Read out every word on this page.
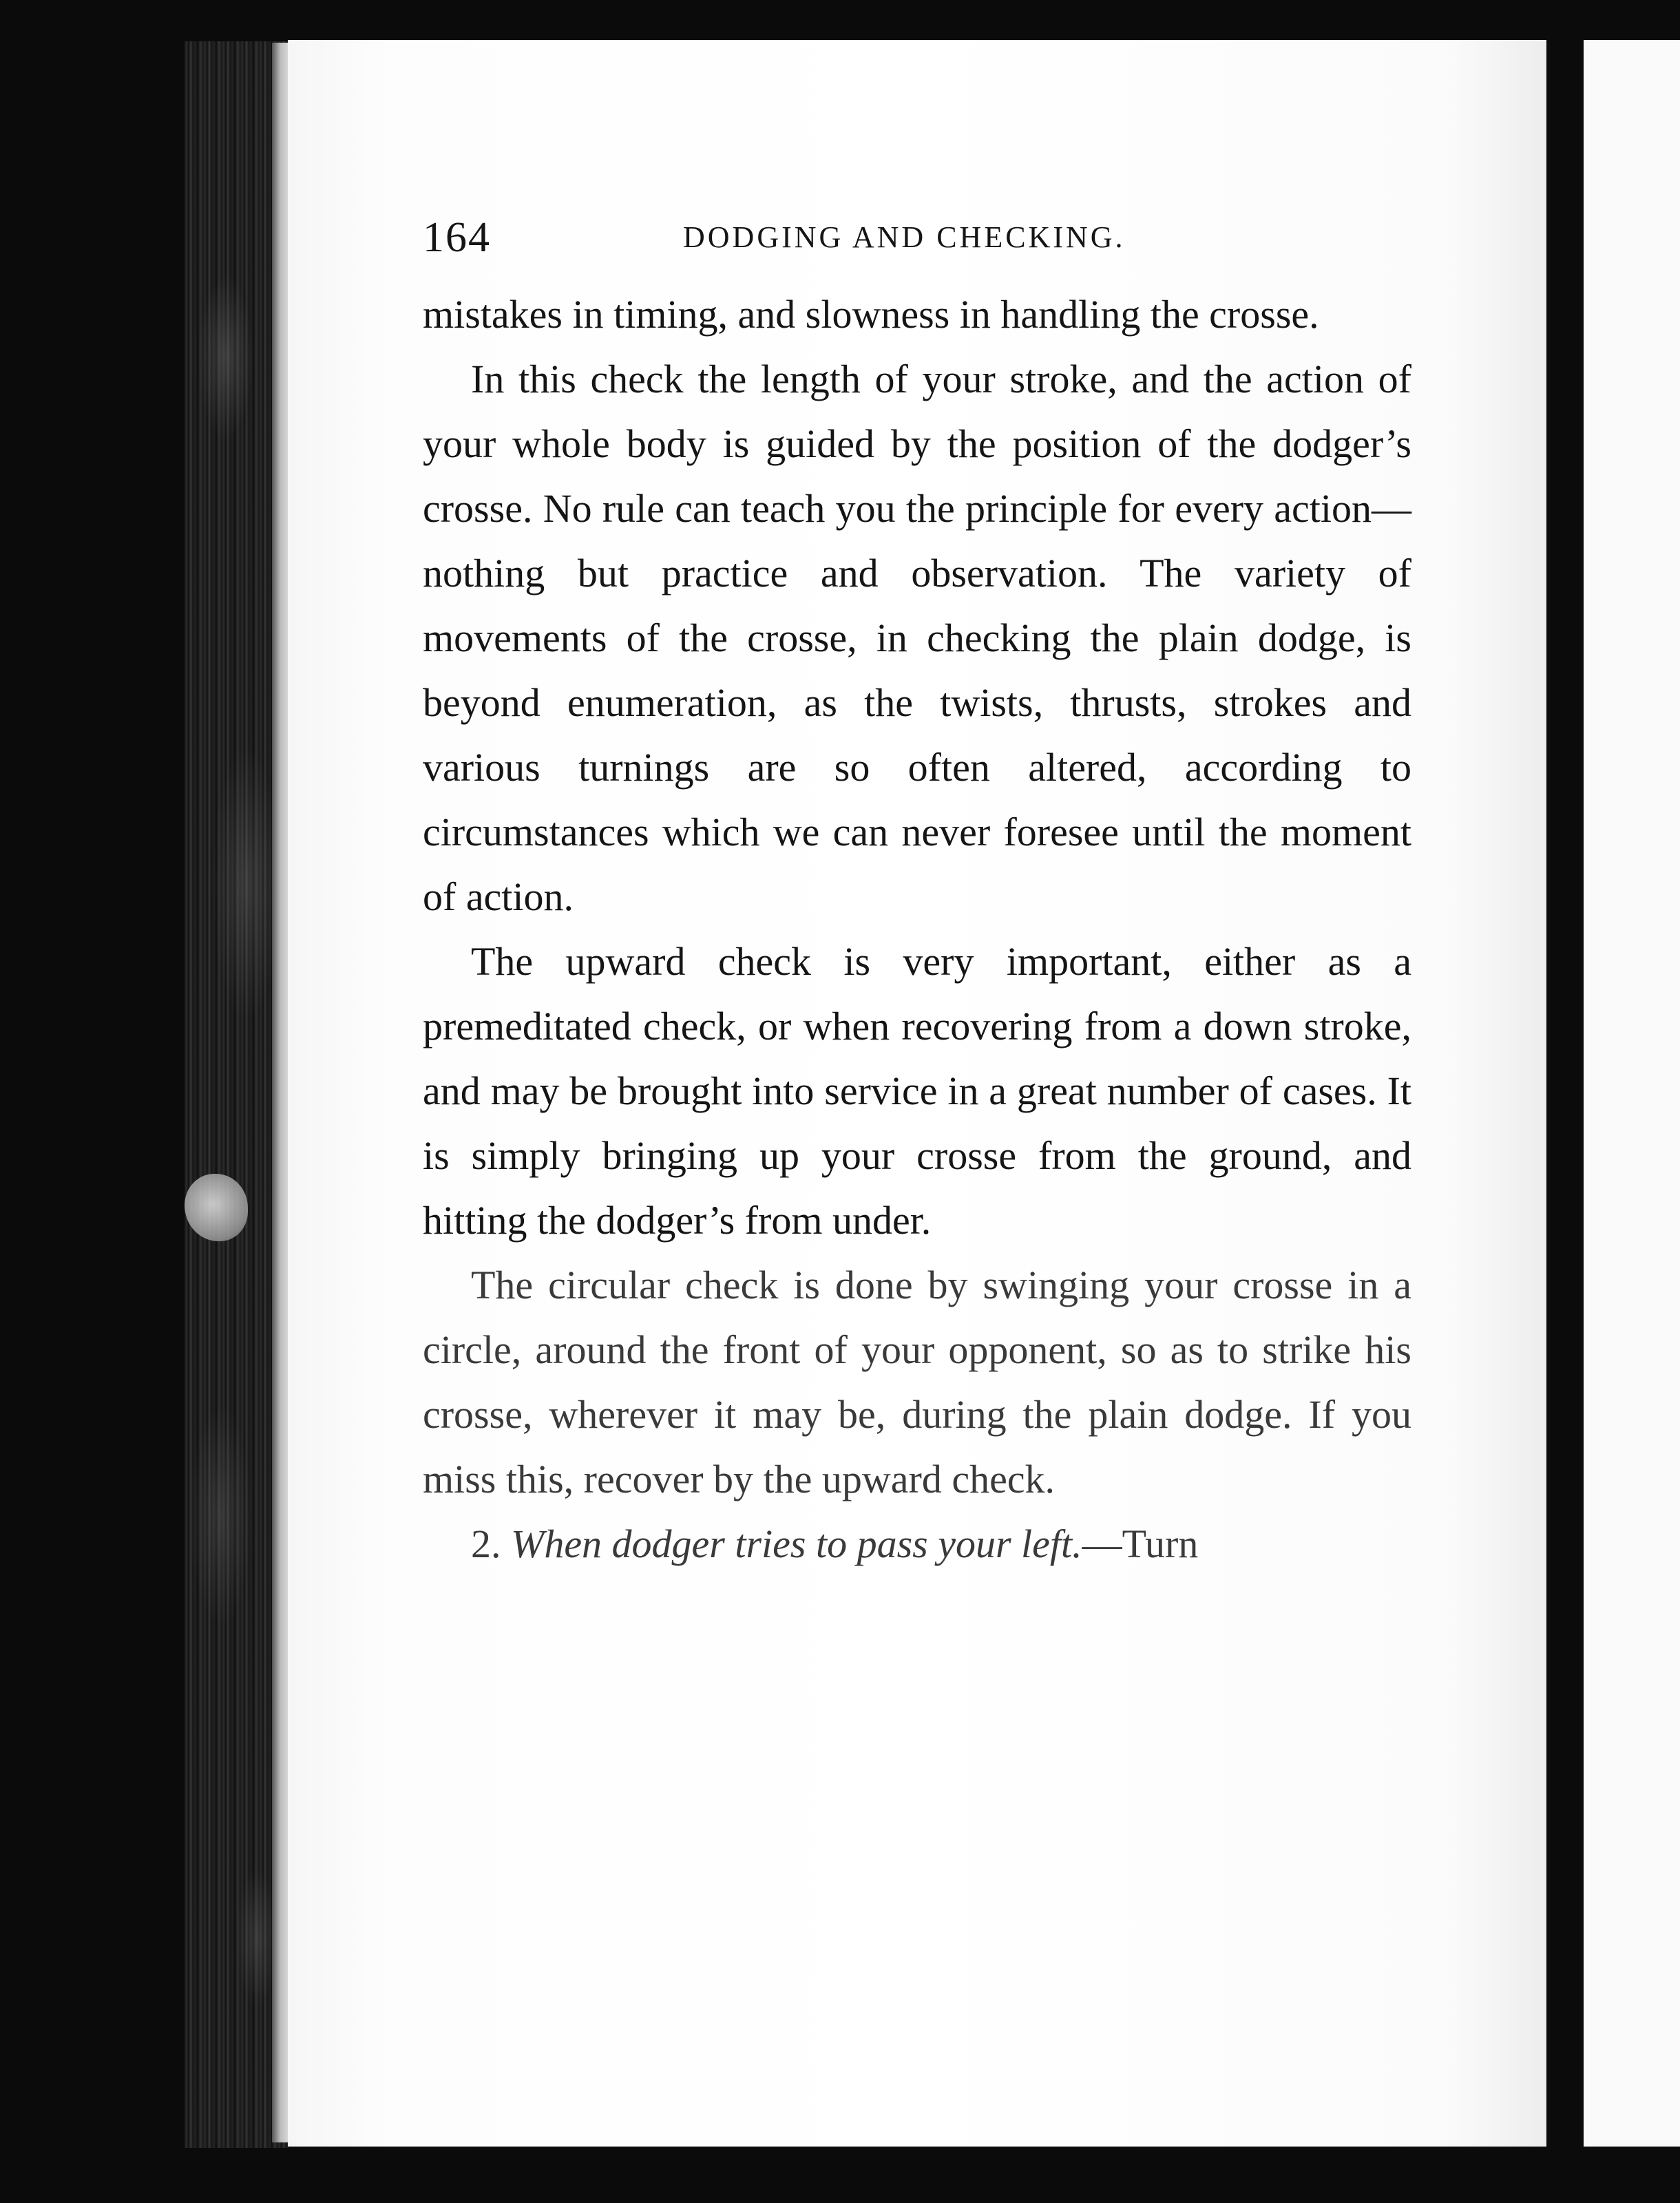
164	DODGING AND CHECKING.

mistakes in timing, and slowness in handling the crosse.

In this check the length of your stroke, and the action of your whole body is guided by the position of the dodger’s crosse. No rule can teach you the principle for every action—nothing but practice and observation. The variety of movements of the crosse, in checking the plain dodge, is beyond enumeration, as the twists, thrusts, strokes and various turnings are so often altered, according to circumstances which we can never foresee until the moment of action.

The upward check is very important, either as a premeditated check, or when recovering from a down stroke, and may be brought into service in a great number of cases. It is simply bringing up your crosse from the ground, and hitting the dodger’s from under.

The circular check is done by swinging your crosse in a circle, around the front of your opponent, so as to strike his crosse, wherever it may be, during the plain dodge. If you miss this, recover by the upward check.

2. When dodger tries to pass your left.—Turn
